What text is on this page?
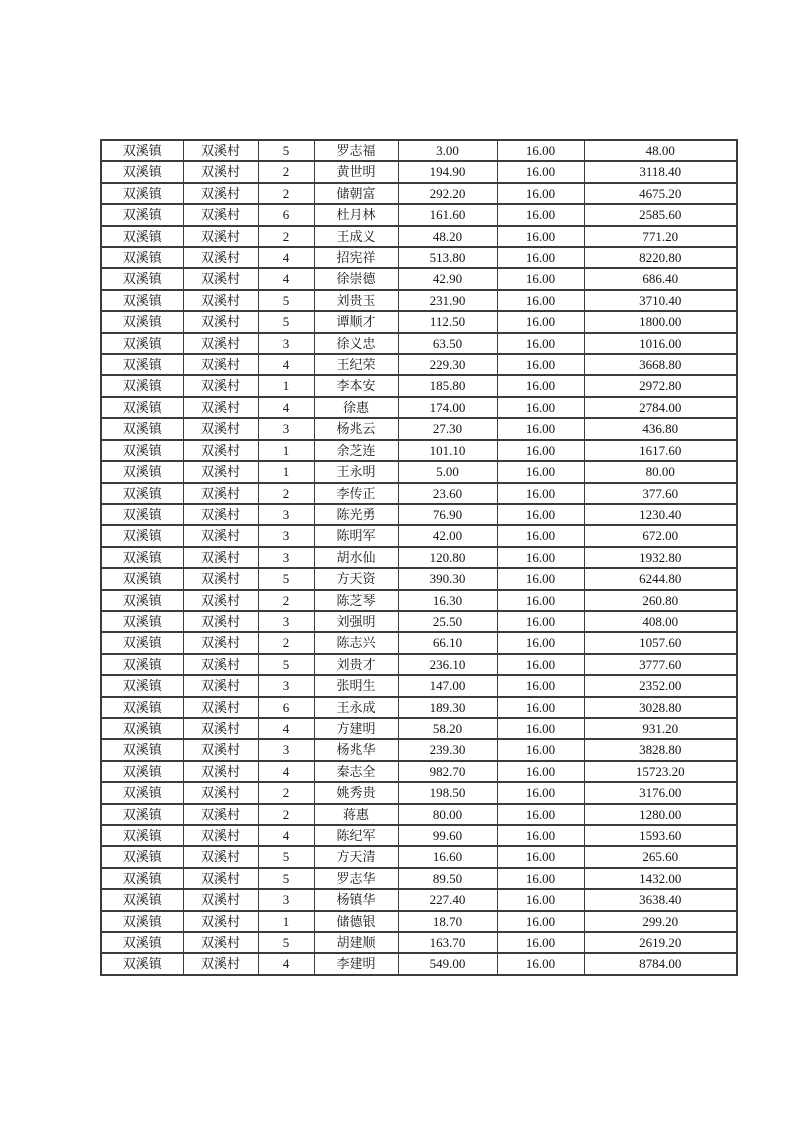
双溪镇	双溪村	5	罗志福	3.00	16.00	48.00
双溪镇	双溪村	2	黄世明	194.90	16.00	3118.40
双溪镇	双溪村	2	储朝富	292.20	16.00	4675.20
双溪镇	双溪村	6	杜月林	161.60	16.00	2585.60
双溪镇	双溪村	2	王成义	48.20	16.00	771.20
双溪镇	双溪村	4	招宪祥	513.80	16.00	8220.80
双溪镇	双溪村	4	徐崇德	42.90	16.00	686.40
双溪镇	双溪村	5	刘贵玉	231.90	16.00	3710.40
双溪镇	双溪村	5	谭顺才	112.50	16.00	1800.00
双溪镇	双溪村	3	徐义忠	63.50	16.00	1016.00
双溪镇	双溪村	4	王纪荣	229.30	16.00	3668.80
双溪镇	双溪村	1	李本安	185.80	16.00	2972.80
双溪镇	双溪村	4	徐惠	174.00	16.00	2784.00
双溪镇	双溪村	3	杨兆云	27.30	16.00	436.80
双溪镇	双溪村	1	余芝连	101.10	16.00	1617.60
双溪镇	双溪村	1	王永明	5.00	16.00	80.00
双溪镇	双溪村	2	李传正	23.60	16.00	377.60
双溪镇	双溪村	3	陈光勇	76.90	16.00	1230.40
双溪镇	双溪村	3	陈明军	42.00	16.00	672.00
双溪镇	双溪村	3	胡水仙	120.80	16.00	1932.80
双溪镇	双溪村	5	方天资	390.30	16.00	6244.80
双溪镇	双溪村	2	陈芝琴	16.30	16.00	260.80
双溪镇	双溪村	3	刘强明	25.50	16.00	408.00
双溪镇	双溪村	2	陈志兴	66.10	16.00	1057.60
双溪镇	双溪村	5	刘贵才	236.10	16.00	3777.60
双溪镇	双溪村	3	张明生	147.00	16.00	2352.00
双溪镇	双溪村	6	王永成	189.30	16.00	3028.80
双溪镇	双溪村	4	方建明	58.20	16.00	931.20
双溪镇	双溪村	3	杨兆华	239.30	16.00	3828.80
双溪镇	双溪村	4	秦志全	982.70	16.00	15723.20
双溪镇	双溪村	2	姚秀贵	198.50	16.00	3176.00
双溪镇	双溪村	2	蒋惠	80.00	16.00	1280.00
双溪镇	双溪村	4	陈纪军	99.60	16.00	1593.60
双溪镇	双溪村	5	方天清	16.60	16.00	265.60
双溪镇	双溪村	5	罗志华	89.50	16.00	1432.00
双溪镇	双溪村	3	杨镇华	227.40	16.00	3638.40
双溪镇	双溪村	1	储德银	18.70	16.00	299.20
双溪镇	双溪村	5	胡建顺	163.70	16.00	2619.20
双溪镇	双溪村	4	李建明	549.00	16.00	8784.00
